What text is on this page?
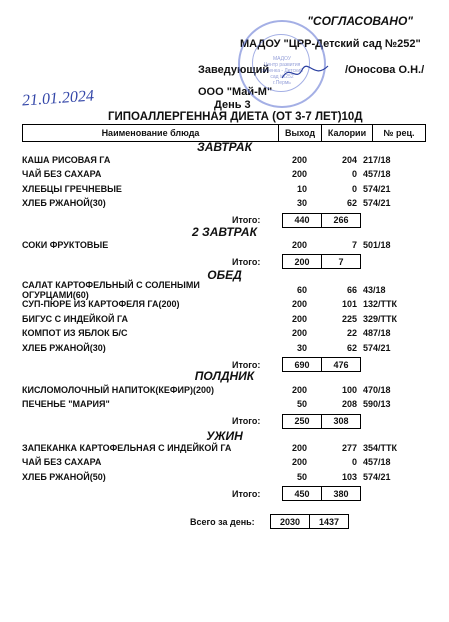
"СОГЛАСОВАНО"
МАДОУ "ЦРР-Детский сад №252"
Заведующий	/Оносова О.Н./
ООО "Май-М"
День 3
ГИПОАЛЛЕРГЕННАЯ ДИЕТА (ОТ 3-7 ЛЕТ)10Д
МАДОУ
Центр развития
ребенка - Детский
сад №252
г.Пермь
21.01.2024
Наименование блюда	Выход	Калории	№ рец.
ЗАВТРАК
КАША РИСОВАЯ ГА	200	204 217/18
ЧАЙ БЕЗ САХАРА	200	0 457/18
ХЛЕБЦЫ ГРЕЧНЕВЫЕ	10	0 574/21
ХЛЕБ РЖАНОЙ(30)	30	62 574/21
Итого:	440	266
2 ЗАВТРАК
СОКИ ФРУКТОВЫЕ	200	7 501/18
Итого:	200	7
ОБЕД
САЛАТ КАРТОФЕЛЬНЫЙ С СОЛЕНЫМИ ОГУРЦАМИ(60)	60	66 43/18
СУП-ПЮРЕ ИЗ КАРТОФЕЛЯ ГА(200)	200	101 132/ТТК
БИГУС С ИНДЕЙКОЙ ГА	200	225 329/ТТК
КОМПОТ ИЗ ЯБЛОК Б/С	200	22 487/18
ХЛЕБ РЖАНОЙ(30)	30	62 574/21
Итого:	690	476
ПОЛДНИК
КИСЛОМОЛОЧНЫЙ НАПИТОК(КЕФИР)(200)	200	100 470/18
ПЕЧЕНЬЕ "МАРИЯ"	50	208 590/13
Итого:	250	308
УЖИН
ЗАПЕКАНКА КАРТОФЕЛЬНАЯ С ИНДЕЙКОЙ ГА	200	277 354/ТТК
ЧАЙ БЕЗ САХАРА	200	0 457/18
ХЛЕБ РЖАНОЙ(50)	50	103 574/21
Итого:	450	380
Всего за день:	2030	1437
